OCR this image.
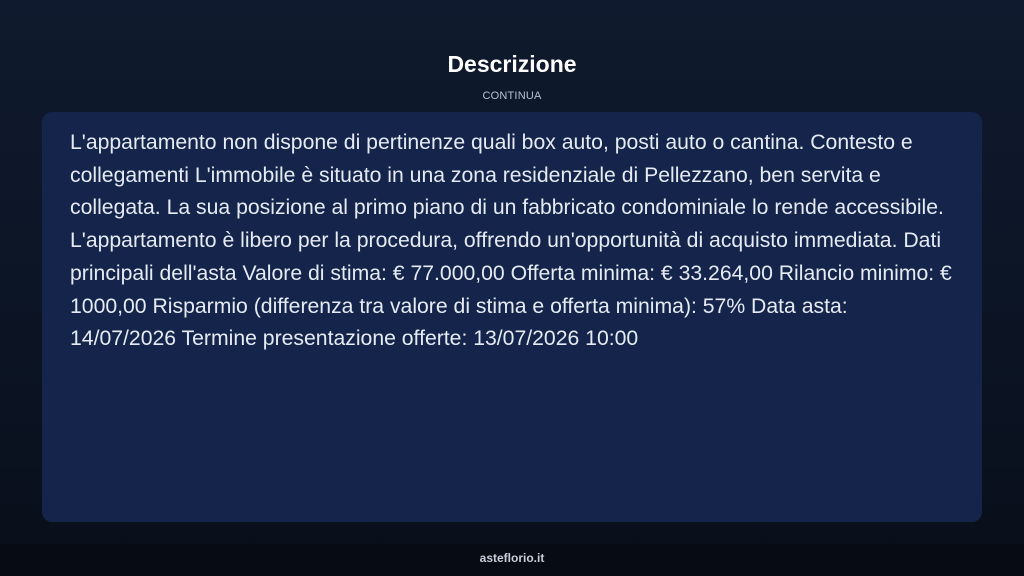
Descrizione
CONTINUA

L'appartamento non dispone di pertinenze quali box auto, posti auto o cantina. Contesto e collegamenti L'immobile è situato in una zona residenziale di Pellezzano, ben servita e collegata. La sua posizione al primo piano di un fabbricato condominiale lo rende accessibile. L'appartamento è libero per la procedura, offrendo un'opportunità di acquisto immediata. Dati principali dell'asta Valore di stima: € 77.000,00 Offerta minima: € 33.264,00 Rilancio minimo: € 1000,00 Risparmio (differenza tra valore di stima e offerta minima): 57% Data asta: 14/07/2026 Termine presentazione offerte: 13/07/2026 10:00

asteflorio.it
